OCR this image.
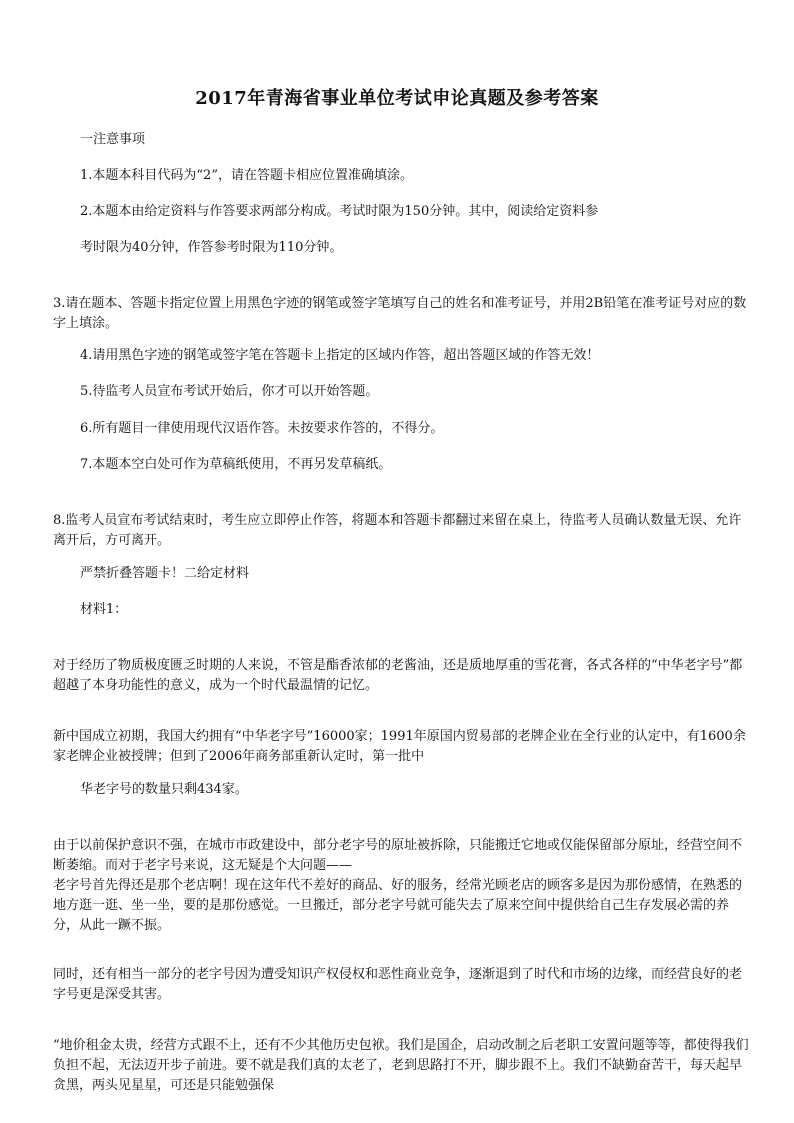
2017年青海省事业单位考试申论真题及参考答案

一注意事项

1.本题本科目代码为“2”，请在答题卡相应位置准确填涂。

2.本题本由给定资料与作答要求两部分构成。考试时限为150分钟。其中，阅读给定资料参

考时限为40分钟，作答参考时限为110分钟。

3.请在题本、答题卡指定位置上用黑色字迹的钢笔或签字笔填写自己的姓名和准考证号，并用2B铅笔在准考证号对应的数字上填涂。

4.请用黑色字迹的钢笔或签字笔在答题卡上指定的区域内作答，超出答题区域的作答无效！

5.待监考人员宣布考试开始后，你才可以开始答题。

6.所有题目一律使用现代汉语作答。未按要求作答的，不得分。

7.本题本空白处可作为草稿纸使用，不再另发草稿纸。

8.监考人员宣布考试结束时，考生应立即停止作答，将题本和答题卡都翻过来留在桌上，待监考人员确认数量无误、允许离开后，方可离开。

严禁折叠答题卡！二给定材料

材料1：

对于经历了物质极度匮乏时期的人来说，不管是酯香浓郁的老酱油，还是质地厚重的雪花膏，各式各样的“中华老字号”都超越了本身功能性的意义，成为一个时代最温情的记忆。

新中国成立初期，我国大约拥有“中华老字号”16000家；1991年原国内贸易部的老牌企业在全行业的认定中，有1600余家老牌企业被授牌；但到了2006年商务部重新认定时，第一批中

华老字号的数量只剩434家。

由于以前保护意识不强，在城市市政建设中，部分老字号的原址被拆除，只能搬迁它地或仅能保留部分原址，经营空间不断萎缩。而对于老字号来说，这无疑是个大问题——

老字号首先得还是那个老店啊！现在这年代不差好的商品、好的服务，经常光顾老店的顾客多是因为那份感情，在熟悉的地方逛一逛、坐一坐，要的是那份感觉。一旦搬迁，部分老字号就可能失去了原来空间中提供给自己生存发展必需的养分，从此一蹶不振。

同时，还有相当一部分的老字号因为遭受知识产权侵权和恶性商业竞争，逐渐退到了时代和市场的边缘，而经营良好的老字号更是深受其害。

“地价租金太贵，经营方式跟不上，还有不少其他历史包袱。我们是国企，启动改制之后老职工安置问题等等，都使得我们负担不起，无法迈开步子前进。要不就是我们真的太老了，老到思路打不开，脚步跟不上。我们不缺勤奋苦干，每天起早贪黑，两头见星星，可还是只能勉强保
